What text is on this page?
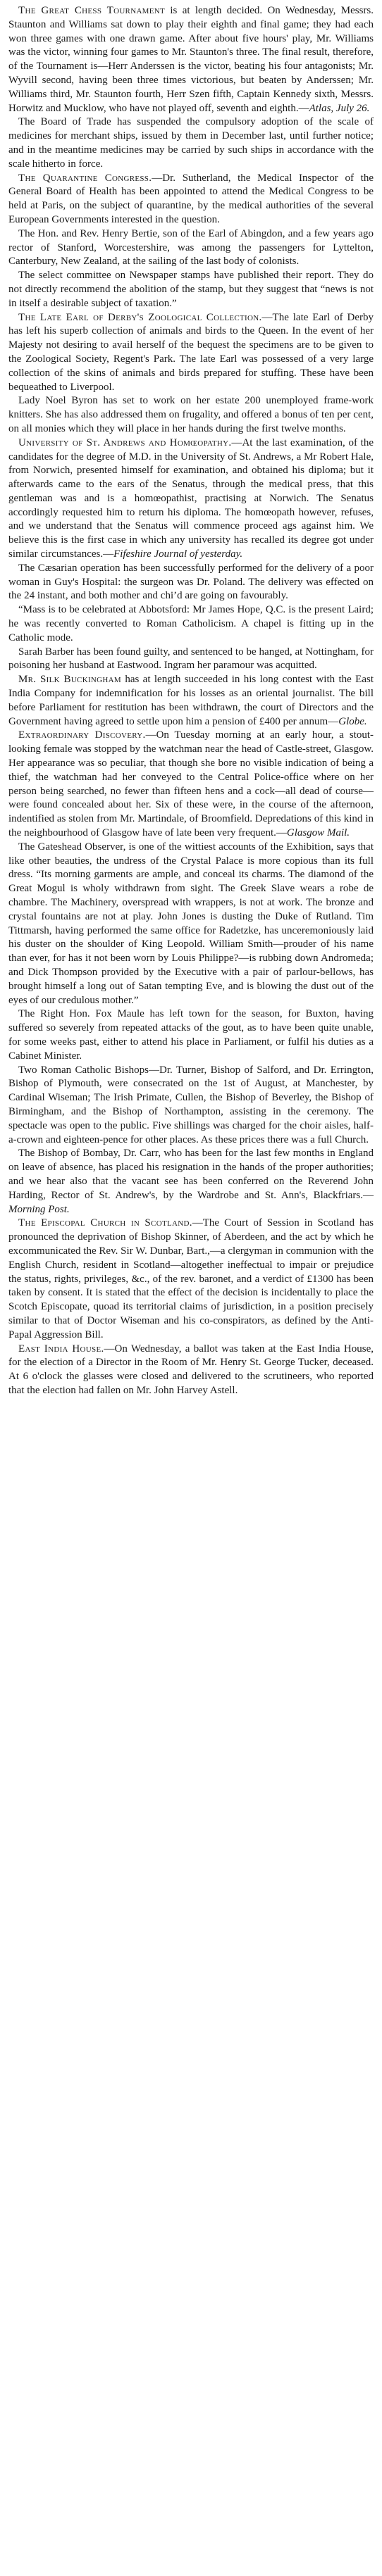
The Great Chess Tournament is at length decided. On Wednesday, Messrs. Staunton and Williams sat down to play their eighth and final game; they had each won three games with one drawn game. After about five hours' play, Mr. Williams was the victor, winning four games to Mr. Staunton's three. The final result, therefore, of the Tournament is—Herr Anderssen is the victor, beating his four antagonists; Mr. Wyvill second, having been three times victorious, but beaten by Anderssen; Mr. Williams third, Mr. Staunton fourth, Herr Szen fifth, Captain Kennedy sixth, Messrs. Horwitz and Mucklow, who have not played off, seventh and eighth.—Atlas, July 26.

The Board of Trade has suspended the compulsory adoption of the scale of medicines for merchant ships, issued by them in December last, until further notice; and in the meantime medicines may be carried by such ships in accordance with the scale hitherto in force.

The Quarantine Congress.—Dr. Sutherland, the Medical Inspector of the General Board of Health has been appointed to attend the Medical Congress to be held at Paris, on the subject of quarantine, by the medical authorities of the several European Governments interested in the question.

The Hon. and Rev. Henry Bertie, son of the Earl of Abingdon, and a few years ago rector of Stanford, Worcestershire, was among the passengers for Lyttelton, Canterbury, New Zealand, at the sailing of the last body of colonists.

The select committee on Newspaper stamps have published their report. They do not directly recommend the abolition of the stamp, but they suggest that “news is not in itself a desirable subject of taxation.”

The Late Earl of Derby's Zoological Collection.—The late Earl of Derby has left his superb collection of animals and birds to the Queen. In the event of her Majesty not desiring to avail herself of the bequest the specimens are to be given to the Zoological Society, Regent's Park. The late Earl was possessed of a very large collection of the skins of animals and birds prepared for stuffing. These have been bequeathed to Liverpool.

Lady Noel Byron has set to work on her estate 200 unemployed frame-work knitters. She has also addressed them on frugality, and offered a bonus of ten per cent, on all monies which they will place in her hands during the first twelve months.

University of St. Andrews and Homœopathy.—At the last examination, of the candidates for the degree of M.D. in the University of St. Andrews, a Mr Robert Hale, from Norwich, presented himself for examination, and obtained his diploma; but it afterwards came to the ears of the Senatus, through the medical press, that this gentleman was and is a homœopathist, practising at Norwich. The Senatus accordingly requested him to return his diploma. The homœopath however, refuses, and we understand that the Senatus will commence proceed ags against him. We believe this is the first case in which any university has recalled its degree got under similar circumstances.—Fifeshire Journal of yesterday.

The Cæsarian operation has been successfully performed for the delivery of a poor woman in Guy's Hospital: the surgeon was Dr. Poland. The delivery was effected on the 24 instant, and both mother and chi’d are going on favourably.

“Mass is to be celebrated at Abbotsford: Mr James Hope, Q.C. is the present Laird; he was recently converted to Roman Catholicism. A chapel is fitting up in the Catholic mode.

Sarah Barber has been found guilty, and sentenced to be hanged, at Nottingham, for poisoning her husband at Eastwood. Ingram her paramour was acquitted.

Mr. Silk Buckingham has at length succeeded in his long contest with the East India Company for indemnification for his losses as an oriental journalist. The bill before Parliament for restitution has been withdrawn, the court of Directors and the Government having agreed to settle upon him a pension of £400 per annum—Globe.

Extraordinary Discovery.—On Tuesday morning at an early hour, a stout-looking female was stopped by the watchman near the head of Castle-street, Glasgow. Her appearance was so peculiar, that though she bore no visible indication of being a thief, the watchman had her conveyed to the Central Police-office where on her person being searched, no fewer than fifteen hens and a cock—all dead of course—were found concealed about her. Six of these were, in the course of the afternoon, indentified as stolen from Mr. Martindale, of Broomfield. Depredations of this kind in the neighbourhood of Glasgow have of late been very frequent.—Glasgow Mail.

The Gateshead Observer, is one of the wittiest accounts of the Exhibition, says that like other beauties, the undress of the Crystal Palace is more copious than its full dress. “Its morning garments are ample, and conceal its charms. The diamond of the Great Mogul is wholy withdrawn from sight. The Greek Slave wears a robe de chambre. The Machinery, overspread with wrappers, is not at work. The bronze and crystal fountains are not at play. John Jones is dusting the Duke of Rutland. Tim Tittmarsh, having performed the same office for Radetzke, has unceremoniously laid his duster on the shoulder of King Leopold. William Smith—prouder of his name than ever, for has it not been worn by Louis Philippe?—is rubbing down Andromeda; and Dick Thompson provided by the Executive with a pair of parlour-bellows, has brought himself a long out of Satan tempting Eve, and is blowing the dust out of the eyes of our credulous mother.”

The Right Hon. Fox Maule has left town for the season, for Buxton, having suffered so severely from repeated attacks of the gout, as to have been quite unable, for some weeks past, either to attend his place in Parliament, or fulfil his duties as a Cabinet Minister.

Two Roman Catholic Bishops—Dr. Turner, Bishop of Salford, and Dr. Errington, Bishop of Plymouth, were consecrated on the 1st of August, at Manchester, by Cardinal Wiseman; The Irish Primate, Cullen, the Bishop of Beverley, the Bishop of Birmingham, and the Bishop of Northampton, assisting in the ceremony. The spectacle was open to the public. Five shillings was charged for the choir aisles, half-a-crown and eighteen-pence for other places. As these prices there was a full Church.

The Bishop of Bombay, Dr. Carr, who has been for the last few months in England on leave of absence, has placed his resignation in the hands of the proper authorities; and we hear also that the vacant see has been conferred on the Reverend John Harding, Rector of St. Andrew's, by the Wardrobe and St. Ann's, Blackfriars.—Morning Post.

The Episcopal Church in Scotland.—The Court of Session in Scotland has pronounced the deprivation of Bishop Skinner, of Aberdeen, and the act by which he excommunicated the Rev. Sir W. Dunbar, Bart.,—a clergyman in communion with the English Church, resident in Scotland—altogether ineffectual to impair or prejudice the status, rights, privileges, &c., of the rev. baronet, and a verdict of £1300 has been taken by consent. It is stated that the effect of the decision is incidentally to place the Scotch Episcopate, quoad its territorial claims of jurisdiction, in a position precisely similar to that of Doctor Wiseman and his co-conspirators, as defined by the Anti-Papal Aggression Bill.

East India House.—On Wednesday, a ballot was taken at the East India House, for the election of a Director in the Room of Mr. Henry St. George Tucker, deceased. At 6 o'clock the glasses were closed and delivered to the scrutineers, who reported that the election had fallen on Mr. John Harvey Astell.
